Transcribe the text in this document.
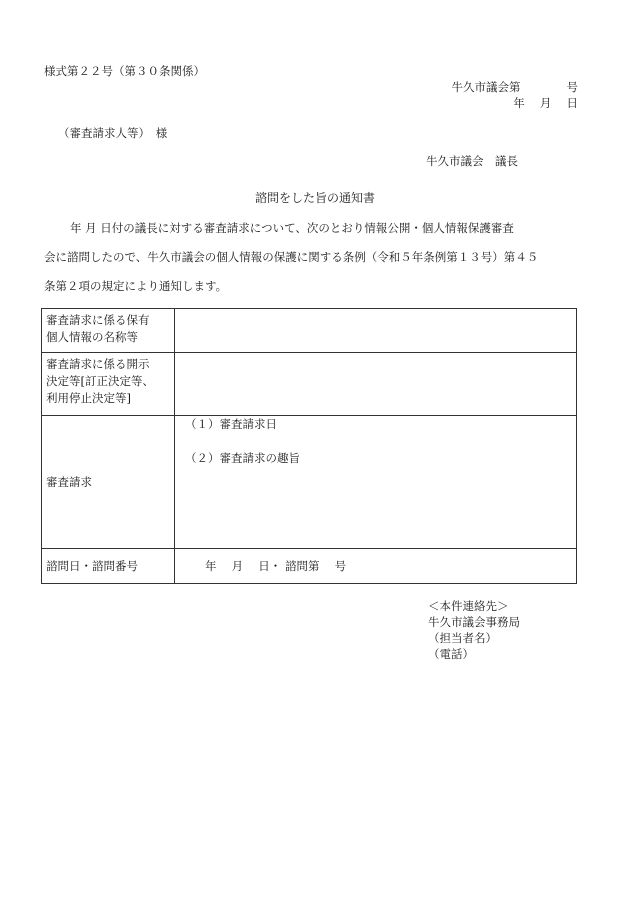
様式第２２号（第３０条関係）
牛久市議会第　　　　号
年　 月　 日
（審査請求人等）　様
牛久市議会　議長
諮問をした旨の通知書
年 月 日付の議長に対する審査請求について、次のとおり情報公開・個人情報保護審査
会に諮問したので、牛久市議会の個人情報の保護に関する条例（令和５年条例第１３号）第４５
条第２項の規定により通知します。
審査請求に係る保有
個人情報の名称等	

審査請求に係る開示
決定等[訂正決定等、
利用停止決定等]	

審査請求	（１）審査請求日
（２）審査請求の趣旨

諮問日・諮問番号	年　 月　 日・ 諮問第　 号
＜本件連絡先＞
牛久市議会事務局
（担当者名）
（電話）
